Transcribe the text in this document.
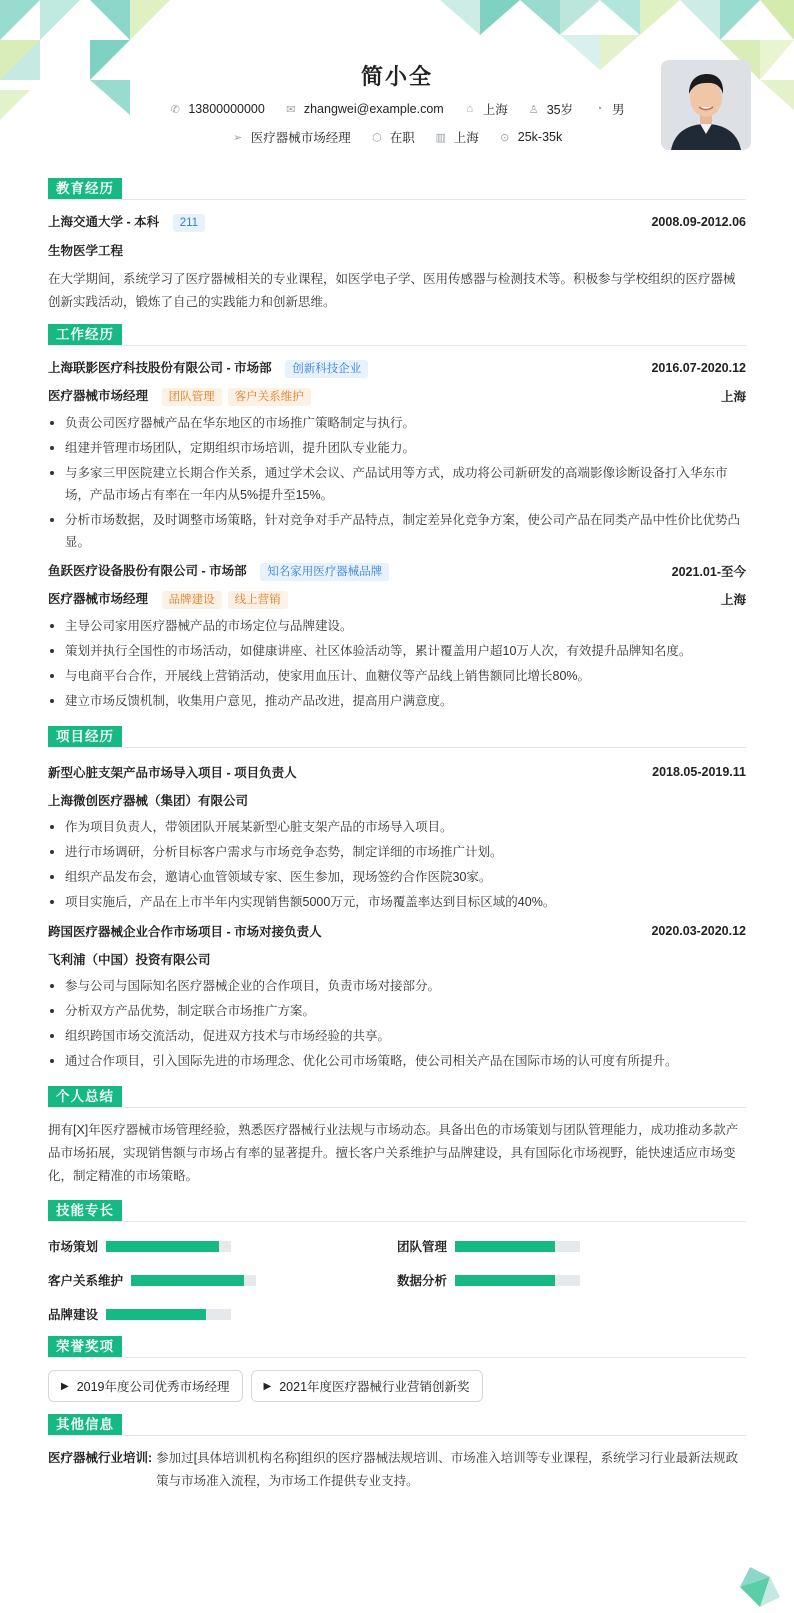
简小全
✆ 13800000000 ✉ zhangwei@example.com ⌂ 上海 ♙ 35岁 ◔ 男
➢ 医疗器械市场经理 ⬡ 在职 ▥ 上海 ⊙ 25k-35k
教育经历
上海交通大学 - 本科 211	2008.09-2012.06
生物医学工程

在大学期间，系统学习了医疗器械相关的专业课程，如医学电子学、医用传感器与检测技术等。积极参与学校组织的医疗器械创新实践活动，锻炼了自己的实践能力和创新思维。

工作经历
上海联影医疗科技股份有限公司 - 市场部 创新科技企业	2016.07-2020.12
医疗器械市场经理 团队管理 客户关系维护	上海
负责公司医疗器械产品在华东地区的市场推广策略制定与执行。
组建并管理市场团队，定期组织市场培训，提升团队专业能力。
与多家三甲医院建立长期合作关系，通过学术会议、产品试用等方式，成功将公司新研发的高端影像诊断设备打入华东市场，产品市场占有率在一年内从5%提升至15%。
分析市场数据，及时调整市场策略，针对竞争对手产品特点，制定差异化竞争方案，使公司产品在同类产品中性价比优势凸显。
鱼跃医疗设备股份有限公司 - 市场部 知名家用医疗器械品牌	2021.01-至今
医疗器械市场经理 品牌建设 线上营销	上海
主导公司家用医疗器械产品的市场定位与品牌建设。
策划并执行全国性的市场活动，如健康讲座、社区体验活动等，累计覆盖用户超10万人次，有效提升品牌知名度。
与电商平台合作，开展线上营销活动，使家用血压计、血糖仪等产品线上销售额同比增长80%。
建立市场反馈机制，收集用户意见，推动产品改进，提高用户满意度。
项目经历
新型心脏支架产品市场导入项目 - 项目负责人	2018.05-2019.11
上海微创医疗器械（集团）有限公司
作为项目负责人，带领团队开展某新型心脏支架产品的市场导入项目。
进行市场调研，分析目标客户需求与市场竞争态势，制定详细的市场推广计划。
组织产品发布会，邀请心血管领域专家、医生参加，现场签约合作医院30家。
项目实施后，产品在上市半年内实现销售额5000万元，市场覆盖率达到目标区域的40%。
跨国医疗器械企业合作市场项目 - 市场对接负责人	2020.03-2020.12
飞利浦（中国）投资有限公司
参与公司与国际知名医疗器械企业的合作项目，负责市场对接部分。
分析双方产品优势，制定联合市场推广方案。
组织跨国市场交流活动，促进双方技术与市场经验的共享。
通过合作项目，引入国际先进的市场理念、优化公司市场策略，使公司相关产品在国际市场的认可度有所提升。
个人总结

拥有[X]年医疗器械市场管理经验，熟悉医疗器械行业法规与市场动态。具备出色的市场策划与团队管理能力，成功推动多款产品市场拓展，实现销售额与市场占有率的显著提升。擅长客户关系维护与品牌建设，具有国际化市场视野，能快速适应市场变化，制定精准的市场策略。

技能专长
市场策划	团队管理
客户关系维护	数据分析
品牌建设
荣誉奖项
▶ 2019年度公司优秀市场经理	▶ 2021年度医疗器械行业营销创新奖
其他信息
医疗器械行业培训: 参加过[具体培训机构名称]组织的医疗器械法规培训、市场准入培训等专业课程，系统学习行业最新法规政策与市场准入流程，为市场工作提供专业支持。
